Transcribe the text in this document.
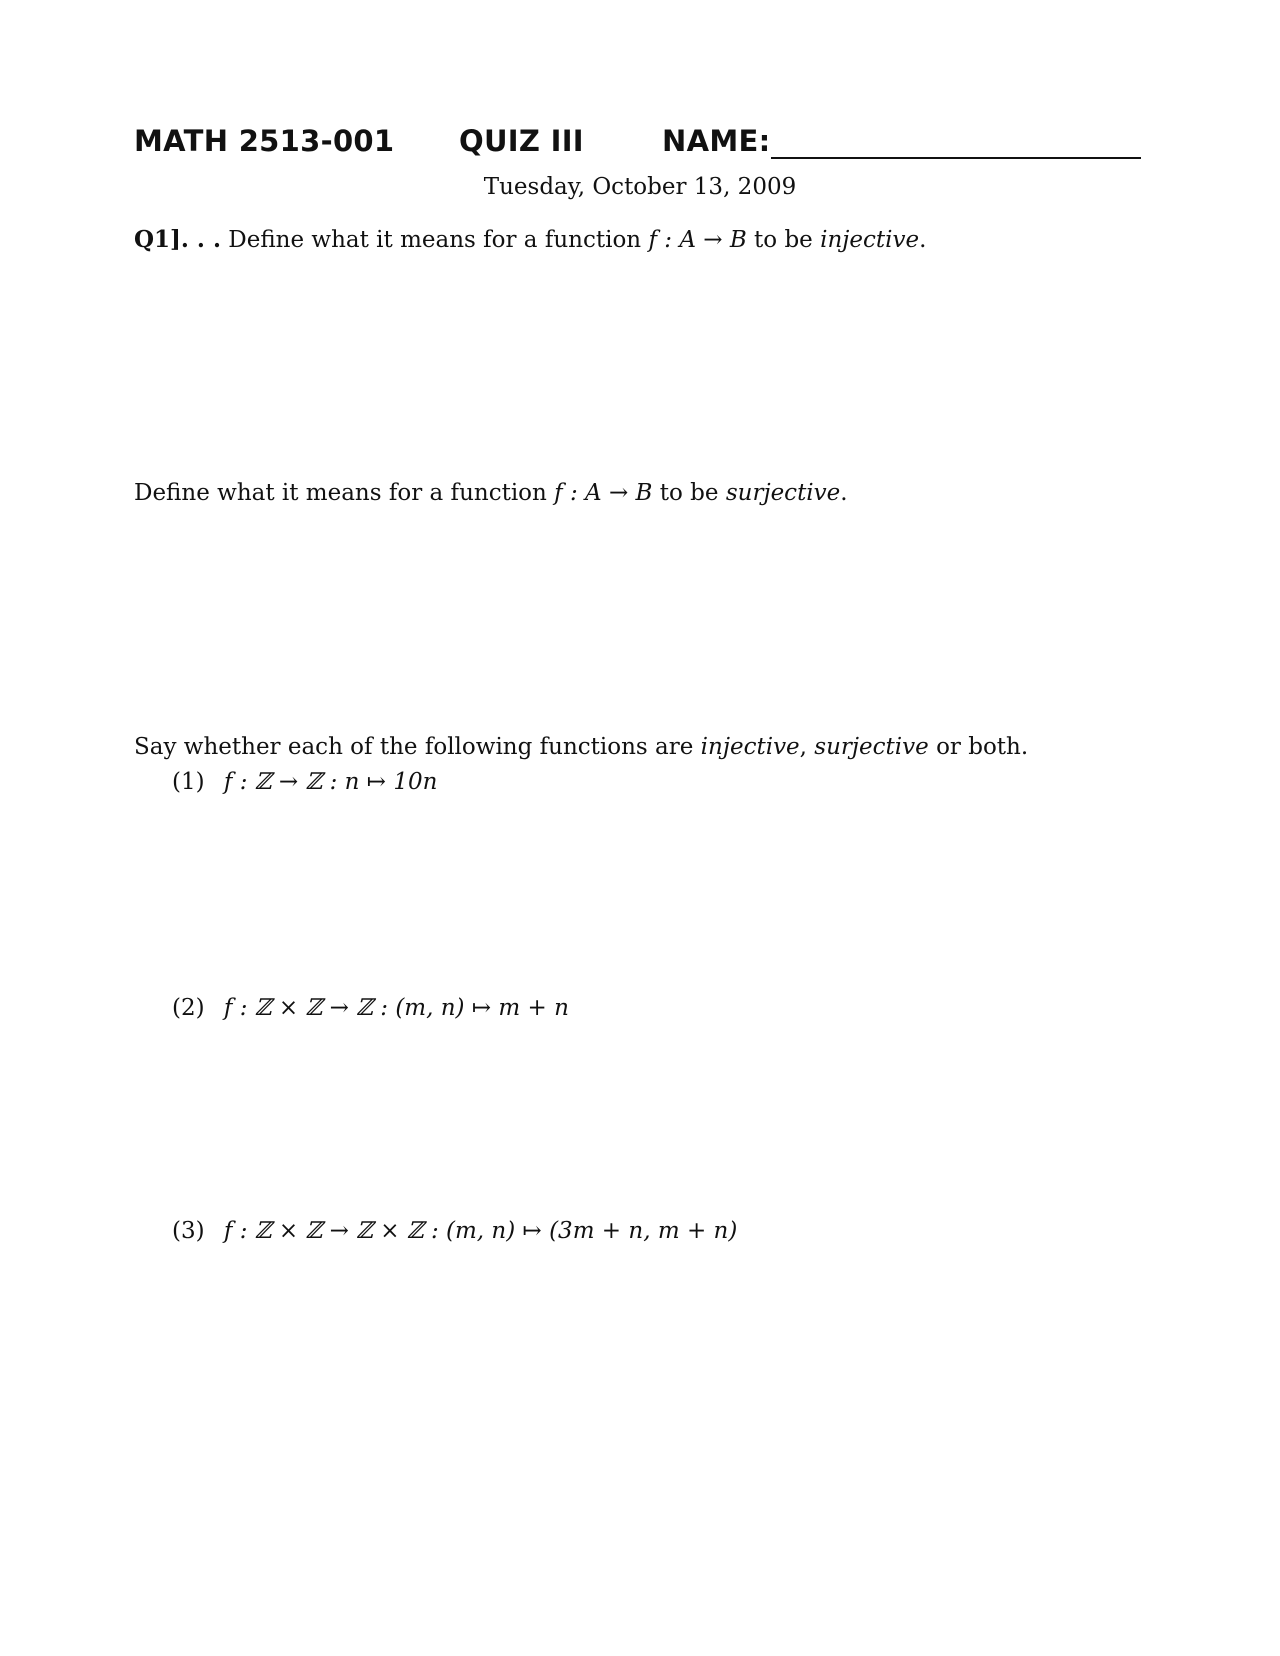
MATH 2513-001 QUIZ III	NAME:
Tuesday, October 13, 2009
Q1]. . . Define what it means for a function f : A → B to be injective.
Define what it means for a function f : A → B to be surjective.
Say whether each of the following functions are injective, surjective or both.
(1) f : ℤ → ℤ : n ↦ 10n
(2) f : ℤ × ℤ → ℤ : (m, n) ↦ m + n
(3) f : ℤ × ℤ → ℤ × ℤ : (m, n) ↦ (3m + n, m + n)
